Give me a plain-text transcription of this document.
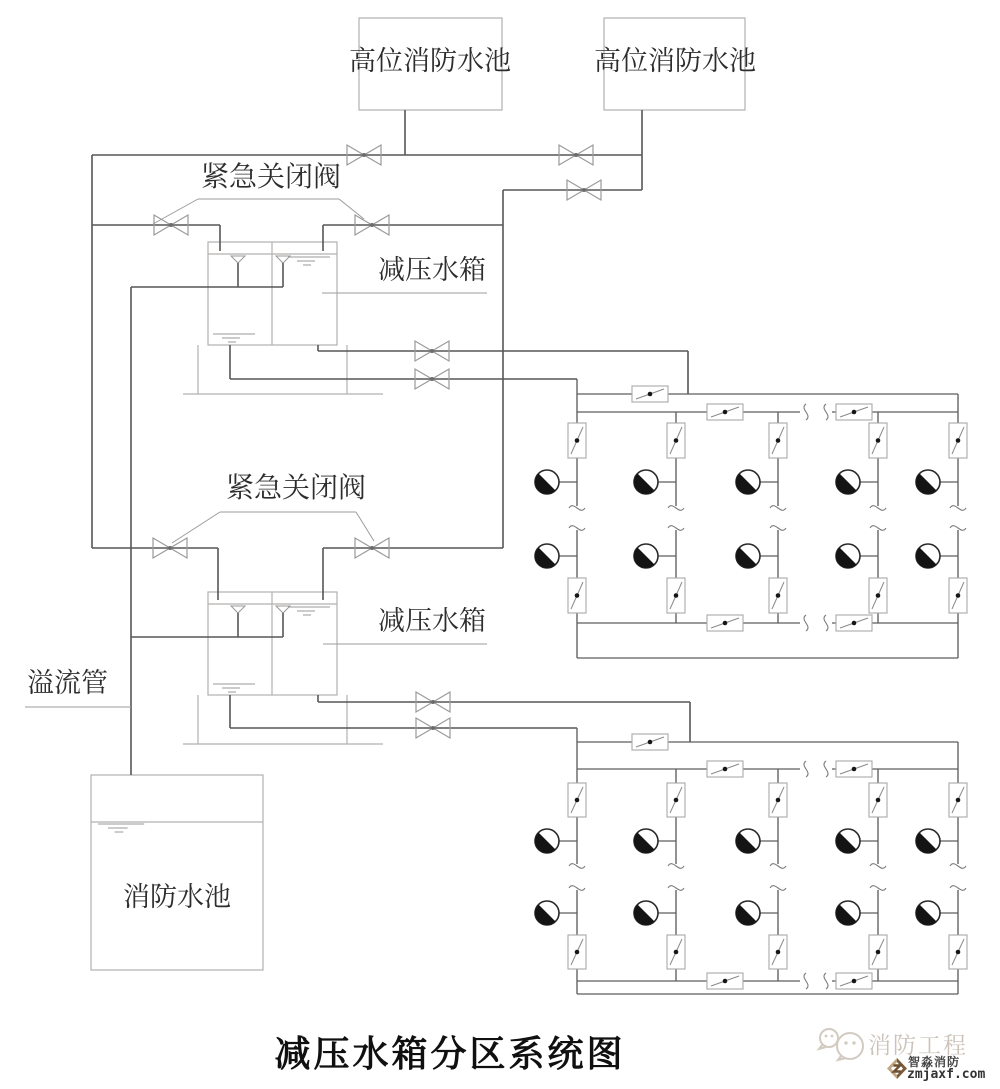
高位消防水池	高位消防水池
紧急关闭阀
紧急关闭阀
减压水箱
减压水箱
溢流管
消防水池
减压水箱分区系统图	消防工程
智淼消防
zmjaxf.com
